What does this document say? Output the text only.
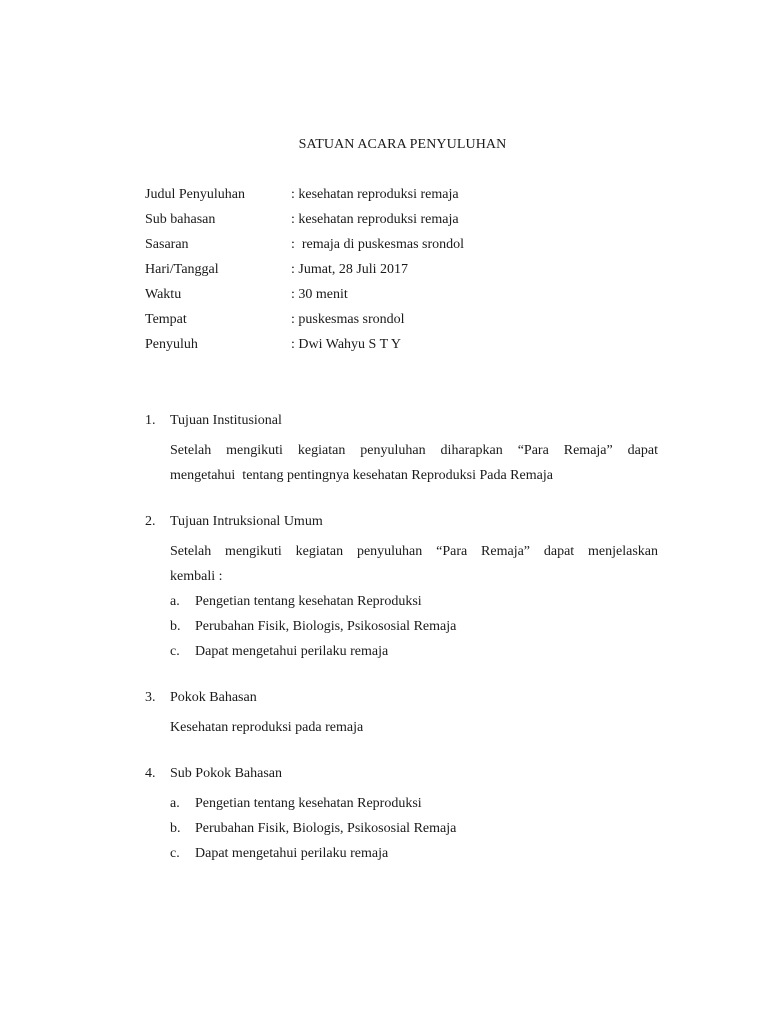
SATUAN ACARA PENYULUHAN
Judul Penyuluhan	: kesehatan reproduksi remaja
Sub bahasan	: kesehatan reproduksi remaja
Sasaran	:  remaja di puskesmas srondol
Hari/Tanggal	: Jumat, 28 Juli 2017
Waktu	: 30 menit
Tempat	: puskesmas srondol
Penyuluh	: Dwi Wahyu S T Y
1.	Tujuan Institusional
Setelah mengikuti kegiatan penyuluhan diharapkan “Para Remaja” dapat
mengetahui  tentang pentingnya kesehatan Reproduksi Pada Remaja
2.	Tujuan Intruksional Umum
Setelah mengikuti kegiatan penyuluhan “Para Remaja” dapat menjelaskan
kembali :
a.	Pengetian tentang kesehatan Reproduksi
b.	Perubahan Fisik, Biologis, Psikososial Remaja
c.	Dapat mengetahui perilaku remaja
3.	Pokok Bahasan
Kesehatan reproduksi pada remaja
4.	Sub Pokok Bahasan
a.	Pengetian tentang kesehatan Reproduksi
b.	Perubahan Fisik, Biologis, Psikososial Remaja
c.	Dapat mengetahui perilaku remaja
